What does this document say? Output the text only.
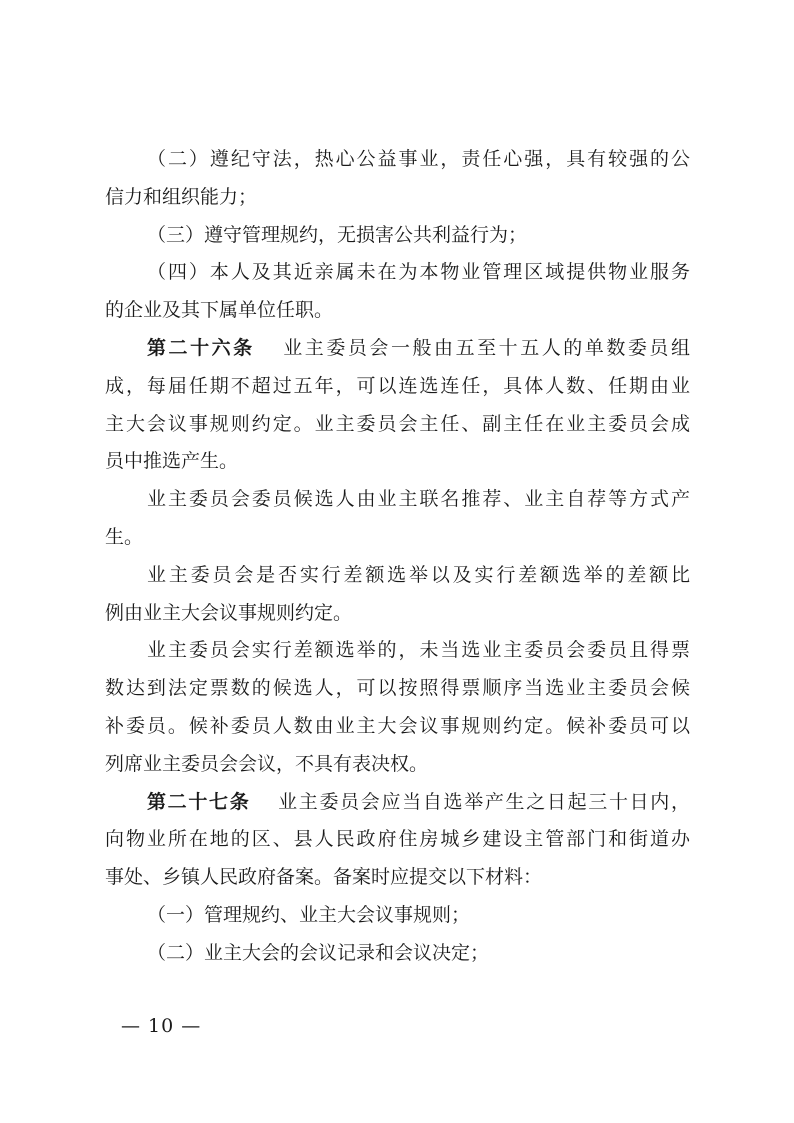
（二）遵纪守法，热心公益事业，责任心强，具有较强的公
信力和组织能力；
（三）遵守管理规约，无损害公共利益行为；
（四）本人及其近亲属未在为本物业管理区域提供物业服务
的企业及其下属单位任职。
第二十六条 业主委员会一般由五至十五人的单数委员组
成，每届任期不超过五年，可以连选连任，具体人数、任期由业
主大会议事规则约定。业主委员会主任、副主任在业主委员会成
员中推选产生。
业主委员会委员候选人由业主联名推荐、业主自荐等方式产
生。
业主委员会是否实行差额选举以及实行差额选举的差额比
例由业主大会议事规则约定。
业主委员会实行差额选举的，未当选业主委员会委员且得票
数达到法定票数的候选人，可以按照得票顺序当选业主委员会候
补委员。候补委员人数由业主大会议事规则约定。候补委员可以
列席业主委员会会议，不具有表决权。
第二十七条 业主委员会应当自选举产生之日起三十日内，
向物业所在地的区、县人民政府住房城乡建设主管部门和街道办
事处、乡镇人民政府备案。备案时应提交以下材料：
（一）管理规约、业主大会议事规则；
（二）业主大会的会议记录和会议决定；
— 10 —
